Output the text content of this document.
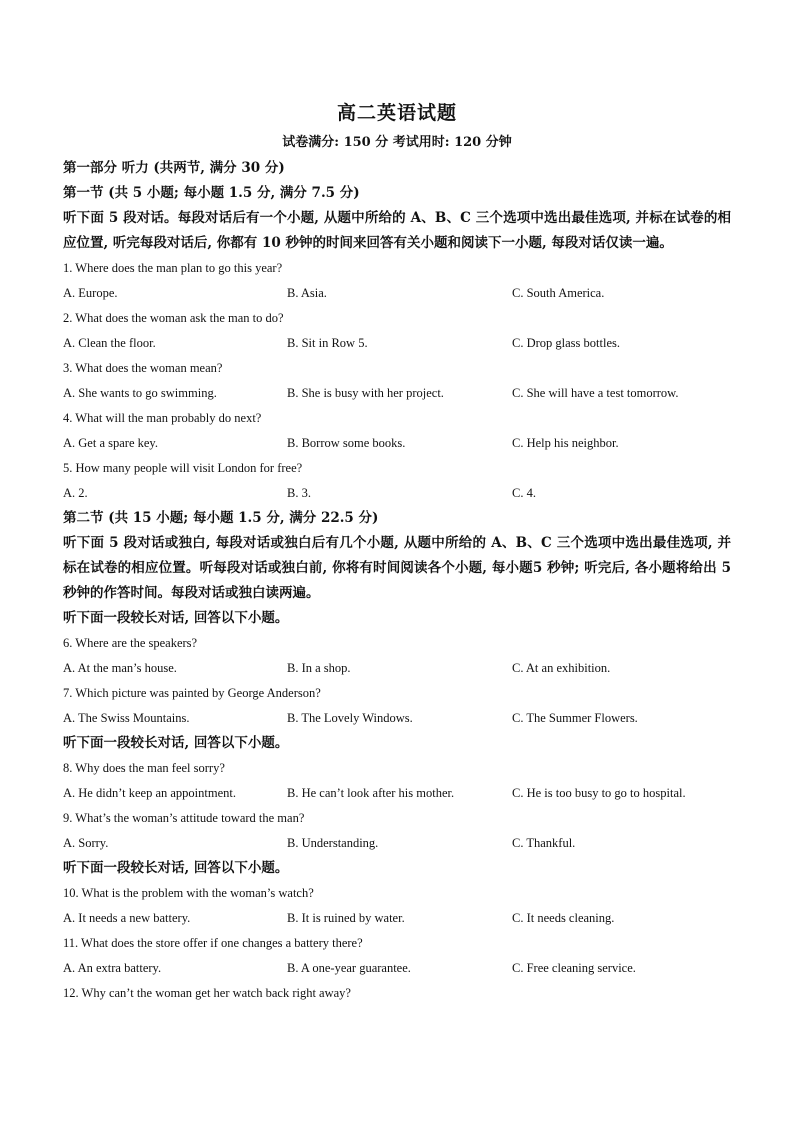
高二英语试题
试卷满分: 150 分 考试用时: 120 分钟
第一部分 听力 (共两节, 满分 30 分)
第一节 (共 5 小题; 每小题 1.5 分, 满分 7.5 分)
听下面 5 段对话。每段对话后有一个小题, 从题中所给的 A、B、C 三个选项中选出最佳选项, 并标在试卷的相应位置, 听完每段对话后, 你都有 10 秒钟的时间来回答有关小题和阅读下一小题, 每段对话仅读一遍。
1. Where does the man plan to go this year?
A. Europe.	B. Asia.	C. South America.
2. What does the woman ask the man to do?
A. Clean the floor.	B. Sit in Row 5.	C. Drop glass bottles.
3. What does the woman mean?
A. She wants to go swimming.	B. She is busy with her project.	C. She will have a test tomorrow.
4. What will the man probably do next?
A. Get a spare key.	B. Borrow some books.	C. Help his neighbor.
5. How many people will visit London for free?
A. 2.	B. 3.	C. 4.
第二节 (共 15 小题; 每小题 1.5 分, 满分 22.5 分)
听下面 5 段对话或独白, 每段对话或独白后有几个小题, 从题中所给的 A、B、C 三个选项中选出最佳选项, 并标在试卷的相应位置。听每段对话或独白前, 你将有时间阅读各个小题, 每小题5 秒钟; 听完后, 各小题将给出 5 秒钟的作答时间。每段对话或独白读两遍。
听下面一段较长对话, 回答以下小题。
6. Where are the speakers?
A. At the man’s house.	B. In a shop.	C. At an exhibition.
7. Which picture was painted by George Anderson?
A. The Swiss Mountains.	B. The Lovely Windows.	C. The Summer Flowers.
听下面一段较长对话, 回答以下小题。
8. Why does the man feel sorry?
A. He didn’t keep an appointment.	B. He can’t look after his mother.	C. He is too busy to go to hospital.
9. What’s the woman’s attitude toward the man?
A. Sorry.	B. Understanding.	C. Thankful.
听下面一段较长对话, 回答以下小题。
10. What is the problem with the woman’s watch?
A. It needs a new battery.	B. It is ruined by water.	C. It needs cleaning.
11. What does the store offer if one changes a battery there?
A. An extra battery.	B. A one-year guarantee.	C. Free cleaning service.
12. Why can’t the woman get her watch back right away?
